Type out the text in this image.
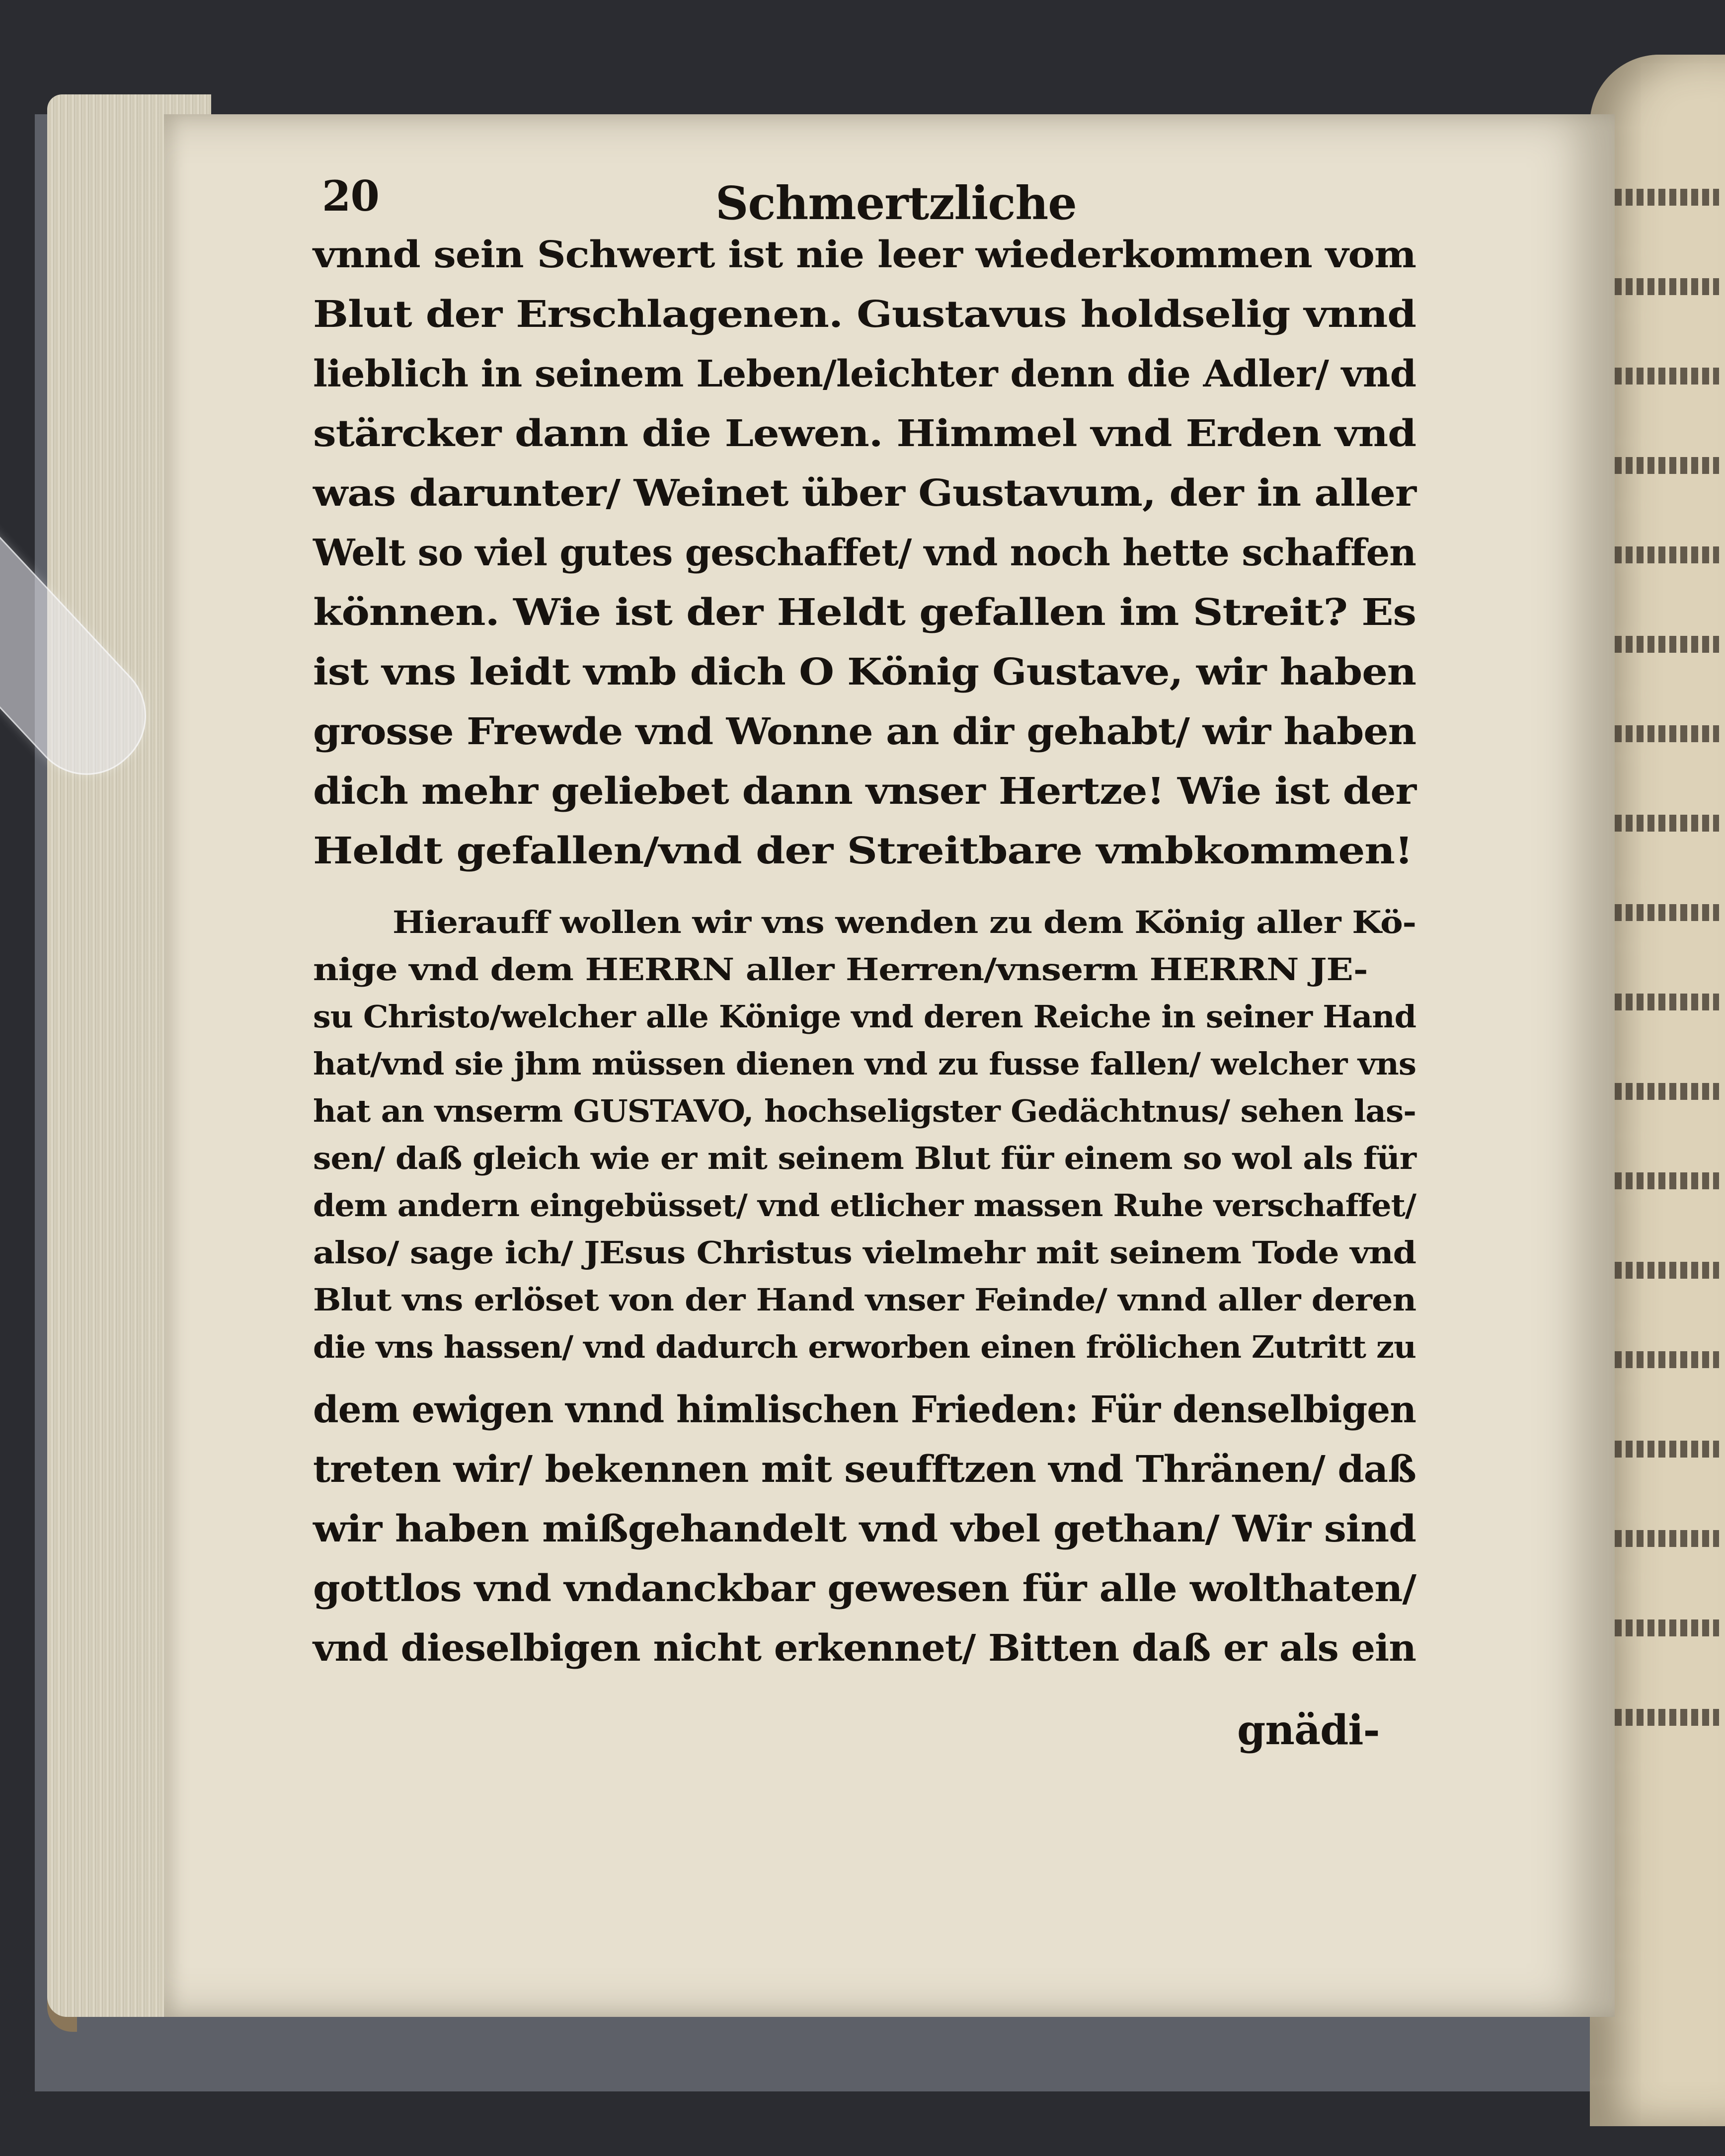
20	Schmertzliche

vnnd sein Schwert ist nie leer wiederkommen vom

Blut der Erschlagenen. Gustavus holdselig vnnd

lieblich in seinem Leben/leichter denn die Adler/ vnd

stärcker dann die Lewen. Himmel vnd Erden vnd

was darunter/ Weinet über Gustavum, der in aller

Welt so viel gutes geschaffet/ vnd noch hette schaffen

können. Wie ist der Heldt gefallen im Streit? Es

ist vns leidt vmb dich O König Gustave, wir haben

grosse Frewde vnd Wonne an dir gehabt/ wir haben

dich mehr geliebet dann vnser Hertze! Wie ist der

Heldt gefallen/vnd der Streitbare vmbkommen!

Hierauff wollen wir vns wenden zu dem König aller Kö-

nige vnd dem HERRN aller Herren/vnserm HERRN JE-

su Christo/welcher alle Könige vnd deren Reiche in seiner Hand

hat/vnd sie jhm müssen dienen vnd zu fusse fallen/ welcher vns

hat an vnserm GUSTAVO, hochseligster Gedächtnus/ sehen las-

sen/ daß gleich wie er mit seinem Blut für einem so wol als für

dem andern eingebüsset/ vnd etlicher massen Ruhe verschaffet/

also/ sage ich/ JEsus Christus vielmehr mit seinem Tode vnd

Blut vns erlöset von der Hand vnser Feinde/ vnnd aller deren

die vns hassen/ vnd dadurch erworben einen frölichen Zutritt zu

dem ewigen vnnd himlischen Frieden: Für denselbigen

treten wir/ bekennen mit seufftzen vnd Thränen/ daß

wir haben mißgehandelt vnd vbel gethan/ Wir sind

gottlos vnd vndanckbar gewesen für alle wolthaten/

vnd dieselbigen nicht erkennet/ Bitten daß er als ein

gnädi-
